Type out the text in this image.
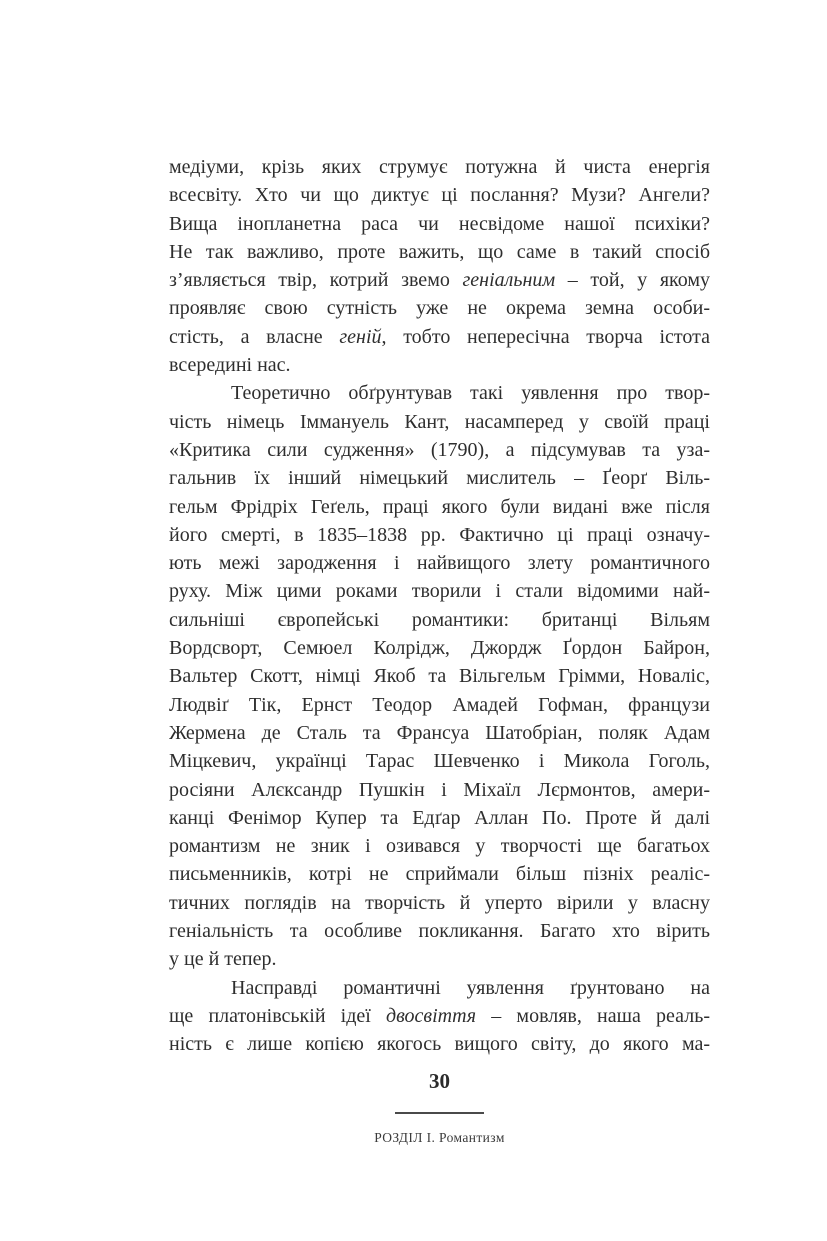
медіуми, крізь яких струмує потужна й чиста енергія
всесвіту. Хто чи що диктує ці послання? Музи? Ангели?
Вища інопланетна раса чи несвідоме нашої психіки?
Не так важливо, проте важить, що саме в такий спосіб
з’являється твір, котрий звемо геніальним – той, у якому
проявляє свою сутність уже не окрема земна особи-
стість, а власне геній, тобто непересічна творча істота
всередині нас.
Теоретично обґрунтував такі уявлення про твор-
чість німець Іммануель Кант, насамперед у своїй праці
«Критика сили судження» (1790), а підсумував та уза-
гальнив їх інший німецький мислитель – Ґеорґ Віль-
гельм Фрідріх Геґель, праці якого були видані вже після
його смерті, в 1835–1838 рр. Фактично ці праці означу-
ють межі зародження і найвищого злету романтичного
руху. Між цими роками творили і стали відомими най-
сильніші європейські романтики: британці Вільям
Вордсворт, Семюел Колрідж, Джордж Ґордон Байрон,
Вальтер Скотт, німці Якоб та Вільгельм Грімми, Новаліс,
Людвіґ Тік, Ернст Теодор Амадей Гофман, французи
Жермена де Сталь та Франсуа Шатобріан, поляк Адам
Міцкевич, українці Тарас Шевченко і Микола Гоголь,
росіяни Алєксандр Пушкін і Міхаїл Лєрмонтов, амери-
канці Фенімор Купер та Едґар Аллан По. Проте й далі
романтизм не зник і озивався у творчості ще багатьох
письменників, котрі не сприймали більш пізніх реаліс-
тичних поглядів на творчість й уперто вірили у власну
геніальність та особливе покликання. Багато хто вірить
у це й тепер.
Насправді романтичні уявлення ґрунтовано на
ще платонівській ідеї двосвіття – мовляв, наша реаль-
ність є лише копією якогось вищого світу, до якого ма-
30
РОЗДІЛ І. Романтизм
